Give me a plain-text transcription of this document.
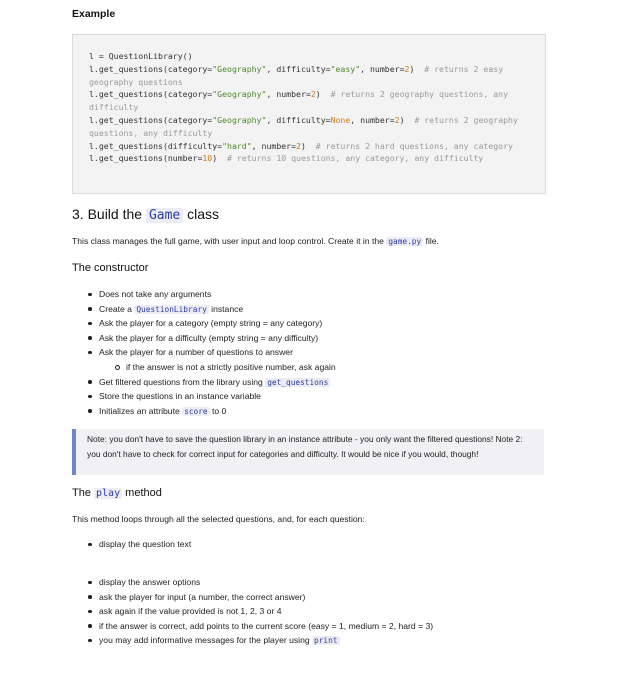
Example
l = QuestionLibrary()
l.get_questions(category="Geography", difficulty="easy", number=2) # returns 2 easy geography questions
l.get_questions(category="Geography", number=2) # returns 2 geography questions, any difficulty
l.get_questions(category="Geography", difficulty=None, number=2) # returns 2 geography questions, any difficulty
l.get_questions(difficulty="hard", number=2) # returns 2 hard questions, any category
l.get_questions(number=10) # returns 10 questions, any category, any difficulty
3. Build the Game class
This class manages the full game, with user input and loop control. Create it in the game.py file.
The constructor
Does not take any arguments
Create a QuestionLibrary instance
Ask the player for a category (empty string = any category)
Ask the player for a difficulty (empty string = any difficulty)
Ask the player for a number of questions to answer
if the answer is not a strictly positive number, ask again
Get filtered questions from the library using get_questions
Store the questions in an instance variable
Initializes an attribute score to 0
Note: you don't have to save the question library in an instance attribute - you only want the filtered questions! Note 2: you don't have to check for correct input for categories and difficulty. It would be nice if you would, though!
The play method
This method loops through all the selected questions, and, for each question:
display the question text
display the answer options
ask the player for input (a number, the correct answer)
ask again if the value provided is not 1, 2, 3 or 4
if the answer is correct, add points to the current score (easy = 1, medium = 2, hard = 3)
you may add informative messages for the player using print
